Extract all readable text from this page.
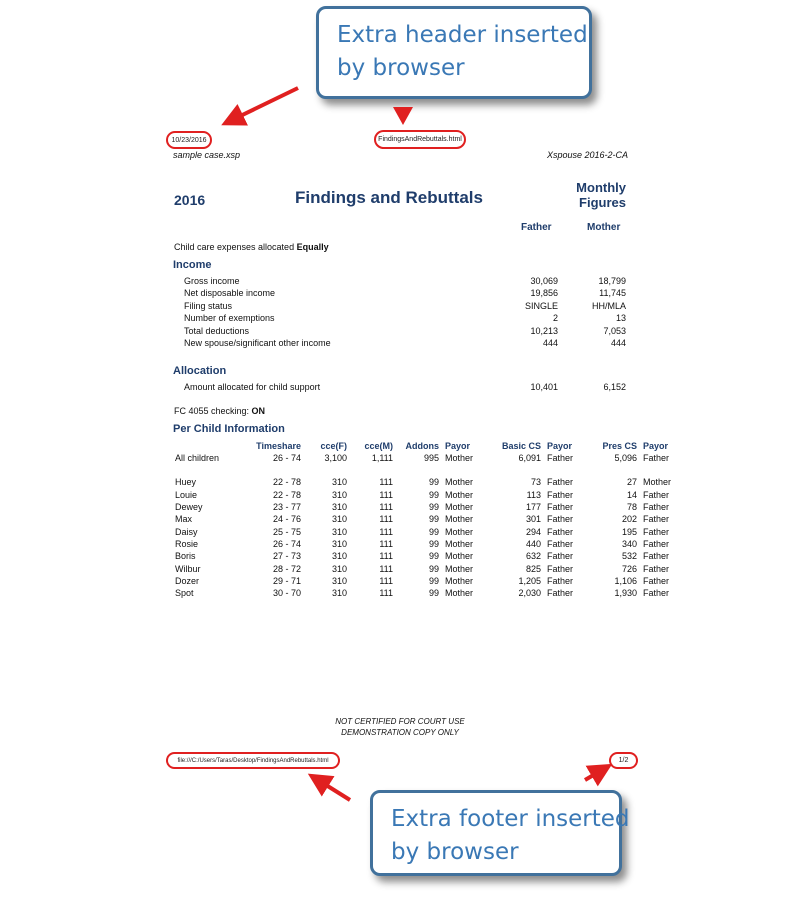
Extra header inserted
by browser
10/23/2016	FindingsAndRebuttals.html
sample case.xsp	Xspouse 2016-2-CA
2016	Findings and Rebuttals
Monthly
Figures
Father	Mother
Child care expenses allocated Equally
Income
Gross income	30,069	18,799
Net disposable income	19,856	11,745
Filing status	SINGLE	HH/MLA
Number of exemptions	2	13
Total deductions	10,213	7,053
New spouse/significant other income	444	444
Allocation
Amount allocated for child support	10,401	6,152
FC 4055 checking: ON
Per Child Information
	Timeshare	cce(F)	cce(M)	Addons	Payor	Basic CS	Payor	Pres CS	Payor
All children	26 - 74	3,100	1,111	995	Mother	6,091	Father	5,096	Father

Huey	22 - 78	310	111	99	Mother	73	Father	27	Mother
Louie	22 - 78	310	111	99	Mother	113	Father	14	Father
Dewey	23 - 77	310	111	99	Mother	177	Father	78	Father
Max	24 - 76	310	111	99	Mother	301	Father	202	Father
Daisy	25 - 75	310	111	99	Mother	294	Father	195	Father
Rosie	26 - 74	310	111	99	Mother	440	Father	340	Father
Boris	27 - 73	310	111	99	Mother	632	Father	532	Father
Wilbur	28 - 72	310	111	99	Mother	825	Father	726	Father
Dozer	29 - 71	310	111	99	Mother	1,205	Father	1,106	Father
Spot	30 - 70	310	111	99	Mother	2,030	Father	1,930	Father
NOT CERTIFIED FOR COURT USE
DEMONSTRATION COPY ONLY
file:///C:/Users/Taras/Desktop/FindingsAndRebuttals.html	1/2
Extra footer inserted
by browser
